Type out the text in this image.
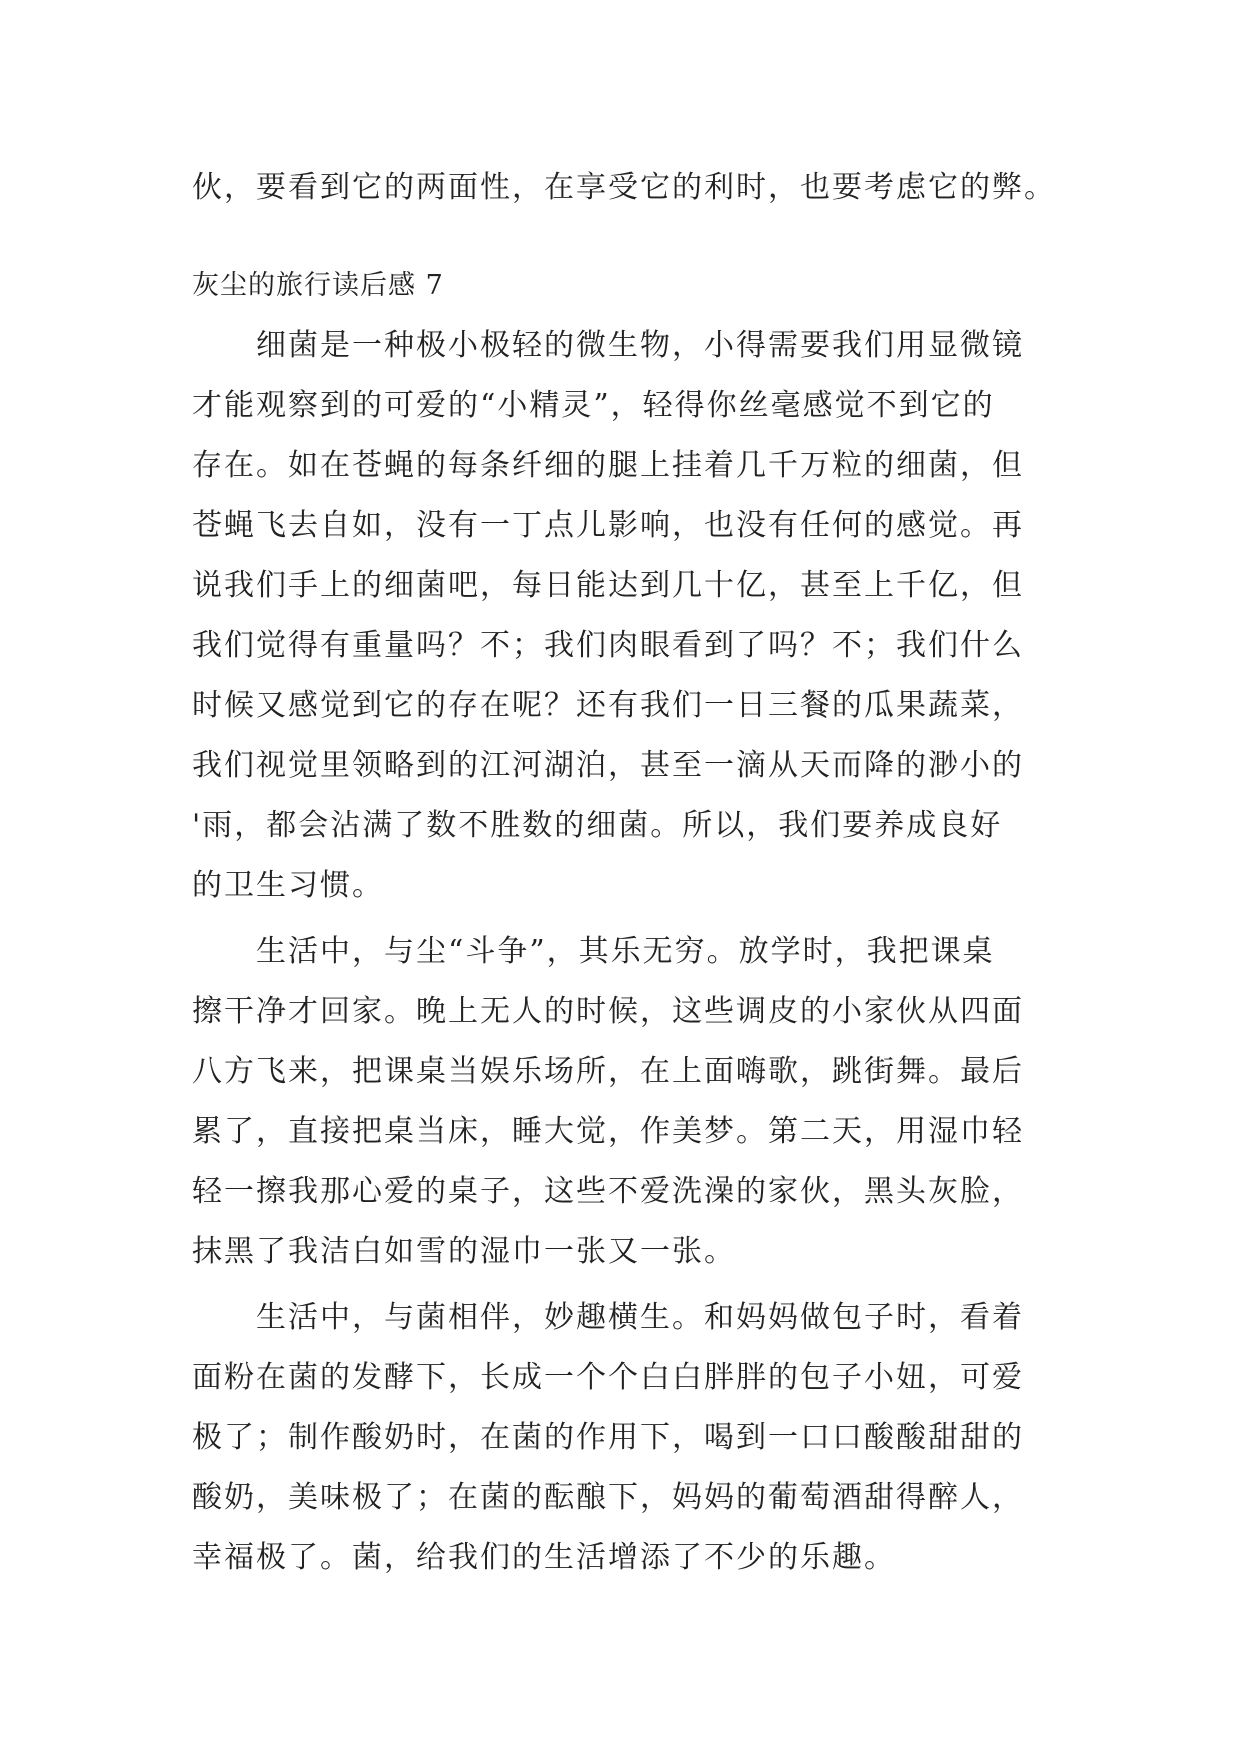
伙，要看到它的两面性，在享受它的利时，也要考虑它的弊。
灰尘的旅行读后感 7
细菌是一种极小极轻的微生物，小得需要我们用显微镜
才能观察到的可爱的“小精灵”，轻得你丝毫感觉不到它的
存在。如在苍蝇的每条纤细的腿上挂着几千万粒的细菌，但
苍蝇飞去自如，没有一丁点儿影响，也没有任何的感觉。再
说我们手上的细菌吧，每日能达到几十亿，甚至上千亿，但
我们觉得有重量吗？不；我们肉眼看到了吗？不；我们什么
时候又感觉到它的存在呢？还有我们一日三餐的瓜果蔬菜，
我们视觉里领略到的江河湖泊，甚至一滴从天而降的渺小的
'雨，都会沾满了数不胜数的细菌。所以，我们要养成良好
的卫生习惯。
生活中，与尘“斗争”，其乐无穷。放学时，我把课桌
擦干净才回家。晚上无人的时候，这些调皮的小家伙从四面
八方飞来，把课桌当娱乐场所，在上面嗨歌，跳街舞。最后
累了，直接把桌当床，睡大觉，作美梦。第二天，用湿巾轻
轻一擦我那心爱的桌子，这些不爱洗澡的家伙，黑头灰脸，
抹黑了我洁白如雪的湿巾一张又一张。
生活中，与菌相伴，妙趣横生。和妈妈做包子时，看着
面粉在菌的发酵下，长成一个个白白胖胖的包子小妞，可爱
极了；制作酸奶时，在菌的作用下，喝到一口口酸酸甜甜的
酸奶，美味极了；在菌的酝酿下，妈妈的葡萄酒甜得醉人，
幸福极了。菌，给我们的生活增添了不少的乐趣。
